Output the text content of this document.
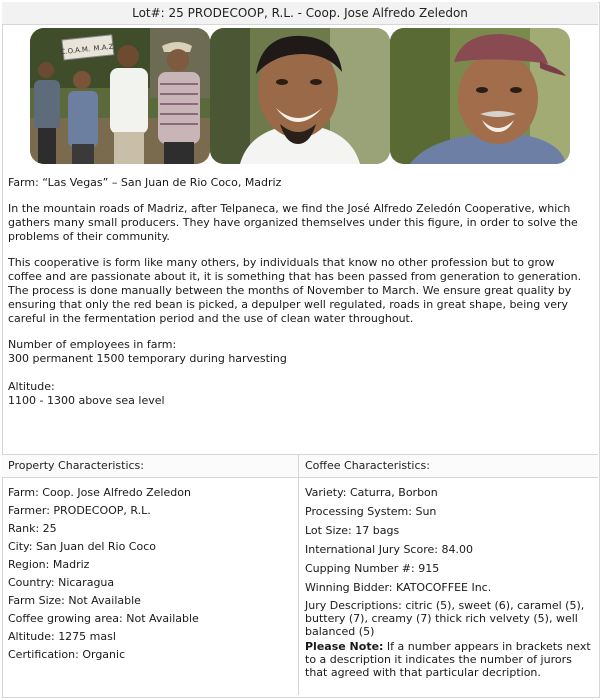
Lot#: 25 PRODECOOP, R.L. - Coop. Jose Alfredo Zeledon
C.O.A.M. M.A.Z.

Farm: “Las Vegas” – San Juan de Rio Coco, Madriz

In the mountain roads of Madriz, after Telpaneca, we find the José Alfredo Zeledón Cooperative, which gathers many small producers. They have organized themselves under this figure, in order to solve the problems of their community.

This cooperative is form like many others, by individuals that know no other profession but to grow coffee and are passionate about it, it is something that has been passed from generation to generation. The process is done manually between the months of November to March. We ensure great quality by ensuring that only the red bean is picked, a depulper well regulated, roads in great shape, being very careful in the fermentation period and the use of clean water throughout.

Number of employees in farm:
300 permanent 1500 temporary during harvesting
Altitude:
1100 - 1300 above sea level
Property Characteristics:
Farm: Coop. Jose Alfredo Zeledon
Farmer: PRODECOOP, R.L.
Rank: 25
City: San Juan del Rio Coco
Region: Madriz
Country: Nicaragua
Farm Size: Not Available
Coffee growing area: Not Available
Altitude: 1275 masl
Certification: Organic
Coffee Characteristics:
Variety: Caturra, Borbon
Processing System: Sun
Lot Size: 17 bags
International Jury Score: 84.00
Cupping Number #: 915
Winning Bidder: KATOCOFFEE Inc.
Jury Descriptions: citric (5), sweet (6), caramel (5), buttery (7), creamy (7) thick rich velvety (5), well balanced (5)
Please Note: If a number appears in brackets next to a description it indicates the number of jurors that agreed with that particular decription.
